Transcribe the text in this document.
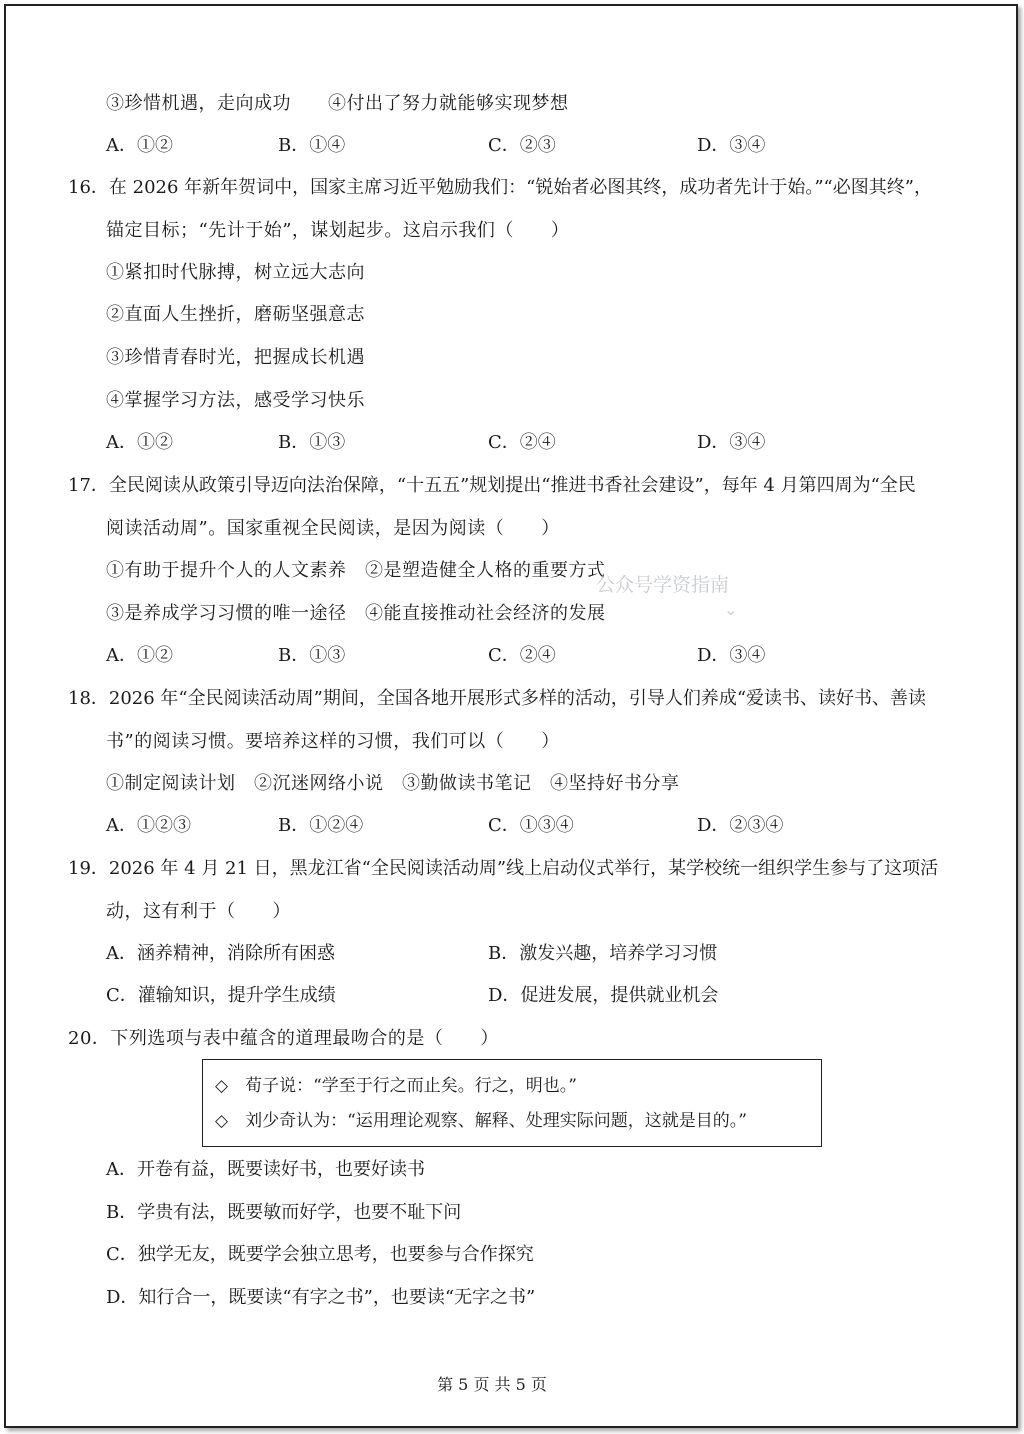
③珍惜机遇，走向成功　　④付出了努力就能够实现梦想
A．①②	B．①④	C．②③	D．③④
16．在 2026 年新年贺词中，国家主席习近平勉励我们：“锐始者必图其终，成功者先计于始。”“必图其终”，
锚定目标；“先计于始”，谋划起步。这启示我们（　　）
①紧扣时代脉搏，树立远大志向
②直面人生挫折，磨砺坚强意志
③珍惜青春时光，把握成长机遇
④掌握学习方法，感受学习快乐
A．①②	B．①③	C．②④	D．③④
17．全民阅读从政策引导迈向法治保障，“十五五”规划提出“推进书香社会建设”，每年 4 月第四周为“全民
阅读活动周”。国家重视全民阅读，是因为阅读（　　）
①有助于提升个人的人文素养　②是塑造健全人格的重要方式
③是养成学习习惯的唯一途径　④能直接推动社会经济的发展
A．①②	B．①③	C．②④	D．③④
公众号学资指南
⌄
18．2026 年“全民阅读活动周”期间，全国各地开展形式多样的活动，引导人们养成“爱读书、读好书、善读
书”的阅读习惯。要培养这样的习惯，我们可以（　　）
①制定阅读计划　②沉迷网络小说　③勤做读书笔记　④坚持好书分享
A．①②③	B．①②④	C．①③④	D．②③④
19．2026 年 4 月 21 日，黑龙江省“全民阅读活动周”线上启动仪式举行，某学校统一组织学生参与了这项活
动，这有利于（　　）
A．涵养精神，消除所有困惑	B．激发兴趣，培养学习习惯
C．灌输知识，提升学生成绩	D．促进发展，提供就业机会
20．下列选项与表中蕴含的道理最吻合的是（　　）
◇　荀子说：“学至于行之而止矣。行之，明也。”
◇　刘少奇认为：“运用理论观察、解释、处理实际问题，这就是目的。”
A．开卷有益，既要读好书，也要好读书
B．学贵有法，既要敏而好学，也要不耻下问
C．独学无友，既要学会独立思考，也要参与合作探究
D．知行合一，既要读“有字之书”，也要读“无字之书”
第 5 页 共 5 页
